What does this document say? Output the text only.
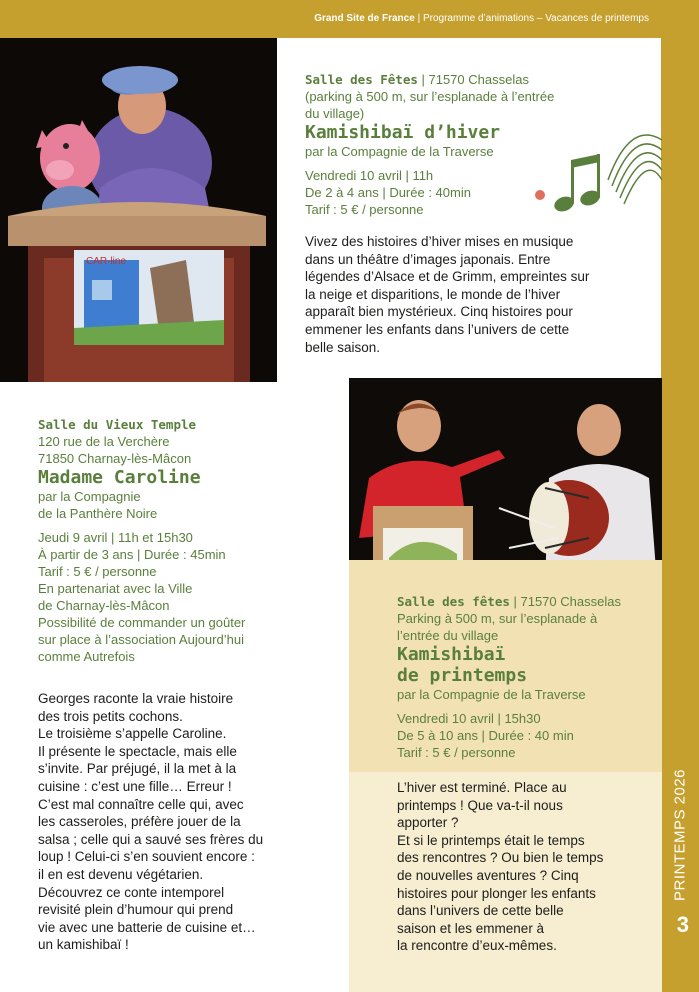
Grand Site de France | Programme d’animations – Vacances de printemps
PRINTEMPS 2026
3
CAR-line
Salle des Fêtes | 71570 Chasselas
(parking à 500 m, sur l’esplanade à l’entrée
du village)
Kamishibaï d’hiver
par la Compagnie de la Traverse
Vendredi 10 avril | 11h
De 2 à 4 ans | Durée : 40min
Tarif : 5 € / personne
Vivez des histoires d’hiver mises en musique
dans un théâtre d’images japonais. Entre
légendes d’Alsace et de Grimm, empreintes sur
la neige et disparitions, le monde de l’hiver
apparaît bien mystérieux. Cinq histoires pour
emmener les enfants dans l’univers de cette
belle saison.
Salle du Vieux Temple
120 rue de la Verchère
71850 Charnay-lès-Mâcon
Madame Caroline
par la Compagnie
de la Panthère Noire
Jeudi 9 avril | 11h et 15h30
À partir de 3 ans | Durée : 45min
Tarif : 5 € / personne
En partenariat avec la Ville
de Charnay-lès-Mâcon
Possibilité de commander un goûter
sur place à l’association Aujourd’hui
comme Autrefois
Georges raconte la vraie histoire
des trois petits cochons.
Le troisième s’appelle Caroline.
Il présente le spectacle, mais elle
s’invite. Par préjugé, il la met à la
cuisine : c’est une fille… Erreur !
C’est mal connaître celle qui, avec
les casseroles, préfère jouer de la
salsa ; celle qui a sauvé ses frères du
loup ! Celui-ci s’en souvient encore :
il en est devenu végétarien.
Découvrez ce conte intemporel
revisité plein d’humour qui prend
vie avec une batterie de cuisine et…
un kamishibaï !
Salle des fêtes | 71570 Chasselas
Parking à 500 m, sur l’esplanade à
l’entrée du village
Kamishibaï
de printemps
par la Compagnie de la Traverse
Vendredi 10 avril | 15h30
De 5 à 10 ans | Durée : 40 min
Tarif : 5 € / personne
L’hiver est terminé. Place au
printemps ! Que va-t-il nous
apporter ?
Et si le printemps était le temps
des rencontres ? Ou bien le temps
de nouvelles aventures ? Cinq
histoires pour plonger les enfants
dans l’univers de cette belle
saison et les emmener à
la rencontre d’eux-mêmes.
